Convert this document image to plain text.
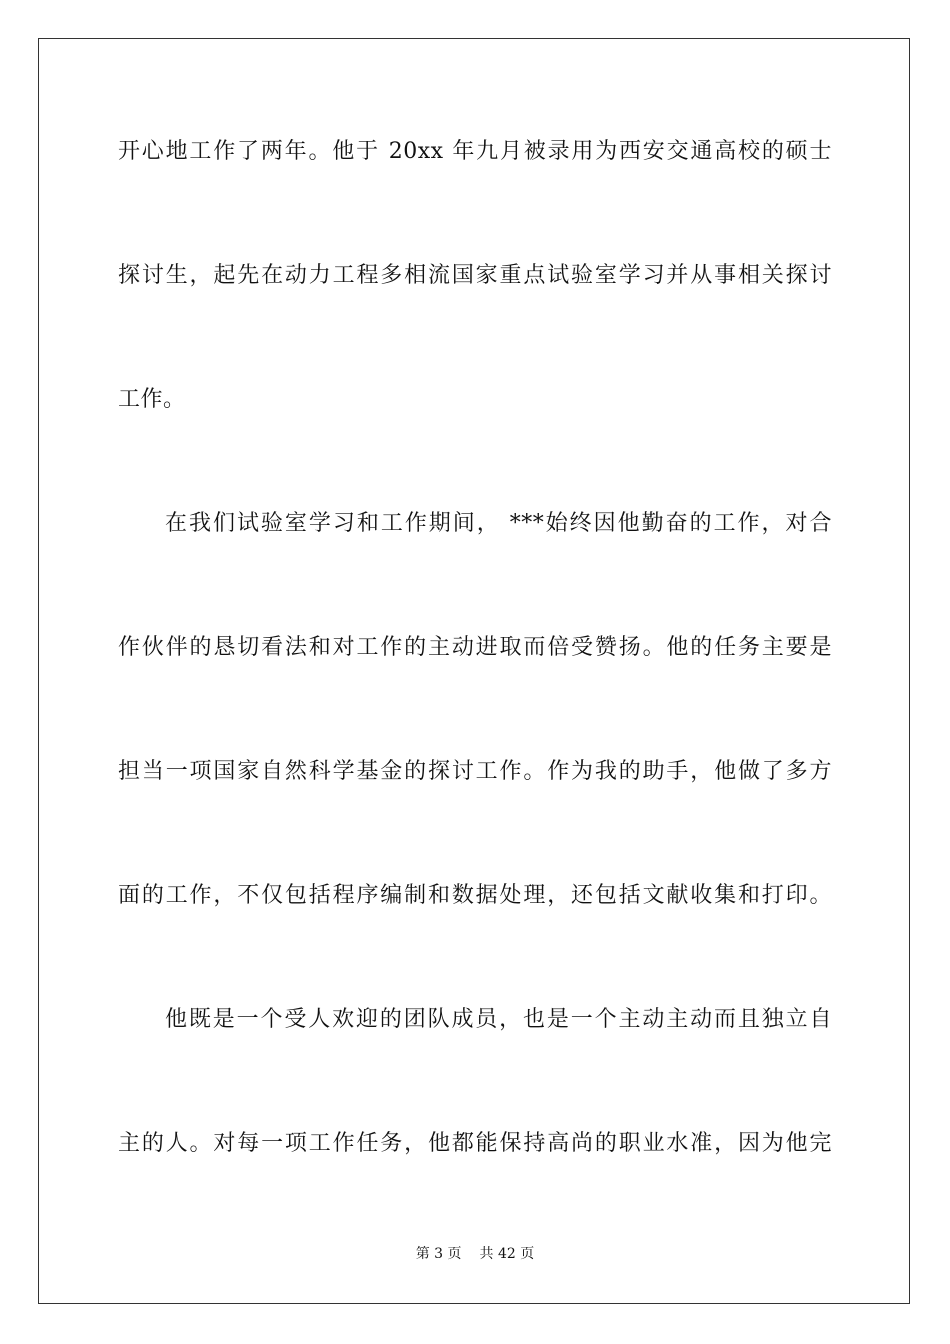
开心地工作了两年。他于 20xx 年九月被录用为西安交通高校的硕士
探讨生，起先在动力工程多相流国家重点试验室学习并从事相关探讨
工作。
在我们试验室学习和工作期间， ***始终因他勤奋的工作，对合
作伙伴的恳切看法和对工作的主动进取而倍受赞扬。他的任务主要是
担当一项国家自然科学基金的探讨工作。作为我的助手，他做了多方
面的工作，不仅包括程序编制和数据处理，还包括文献收集和打印。
他既是一个受人欢迎的团队成员，也是一个主动主动而且独立自
主的人。对每一项工作任务，他都能保持高尚的职业水准，因为他完
第 3 页 共 42 页
